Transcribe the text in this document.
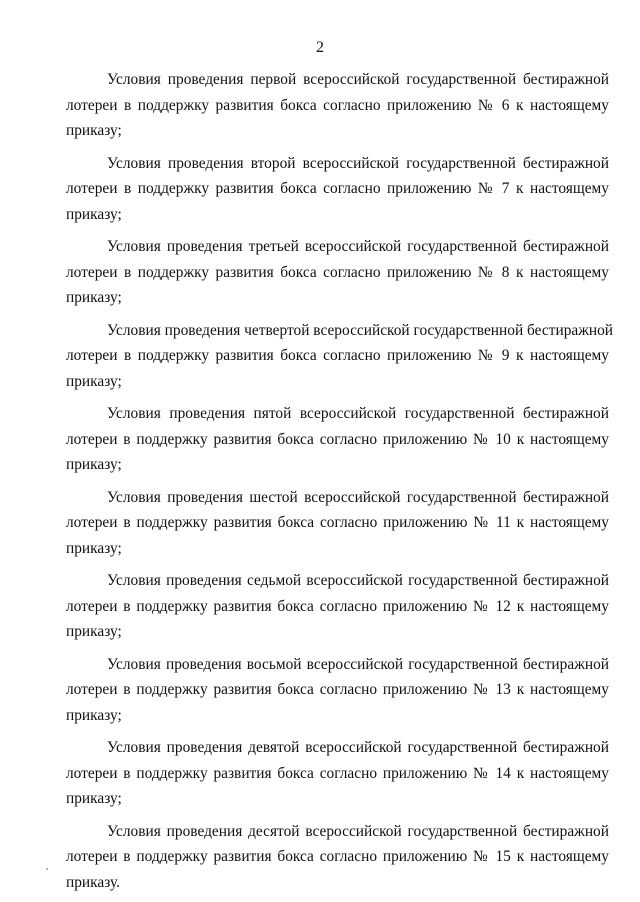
2

Условия проведения первой всероссийской государственной бестиражной
лотереи в поддержку развития бокса согласно приложению № 6 к настоящему
приказу;

Условия проведения второй всероссийской государственной бестиражной
лотереи в поддержку развития бокса согласно приложению № 7 к настоящему
приказу;

Условия проведения третьей всероссийской государственной бестиражной
лотереи в поддержку развития бокса согласно приложению № 8 к настоящему
приказу;

Условия проведения четвертой всероссийской государственной бестиражной
лотереи в поддержку развития бокса согласно приложению № 9 к настоящему
приказу;

Условия проведения пятой всероссийской государственной бестиражной
лотереи в поддержку развития бокса согласно приложению № 10 к настоящему
приказу;

Условия проведения шестой всероссийской государственной бестиражной
лотереи в поддержку развития бокса согласно приложению № 11 к настоящему
приказу;

Условия проведения седьмой всероссийской государственной бестиражной
лотереи в поддержку развития бокса согласно приложению № 12 к настоящему
приказу;

Условия проведения восьмой всероссийской государственной бестиражной
лотереи в поддержку развития бокса согласно приложению № 13 к настоящему
приказу;

Условия проведения девятой всероссийской государственной бестиражной
лотереи в поддержку развития бокса согласно приложению № 14 к настоящему
приказу;

Условия проведения десятой всероссийской государственной бестиражной
лотереи в поддержку развития бокса согласно приложению № 15 к настоящему
приказу.
